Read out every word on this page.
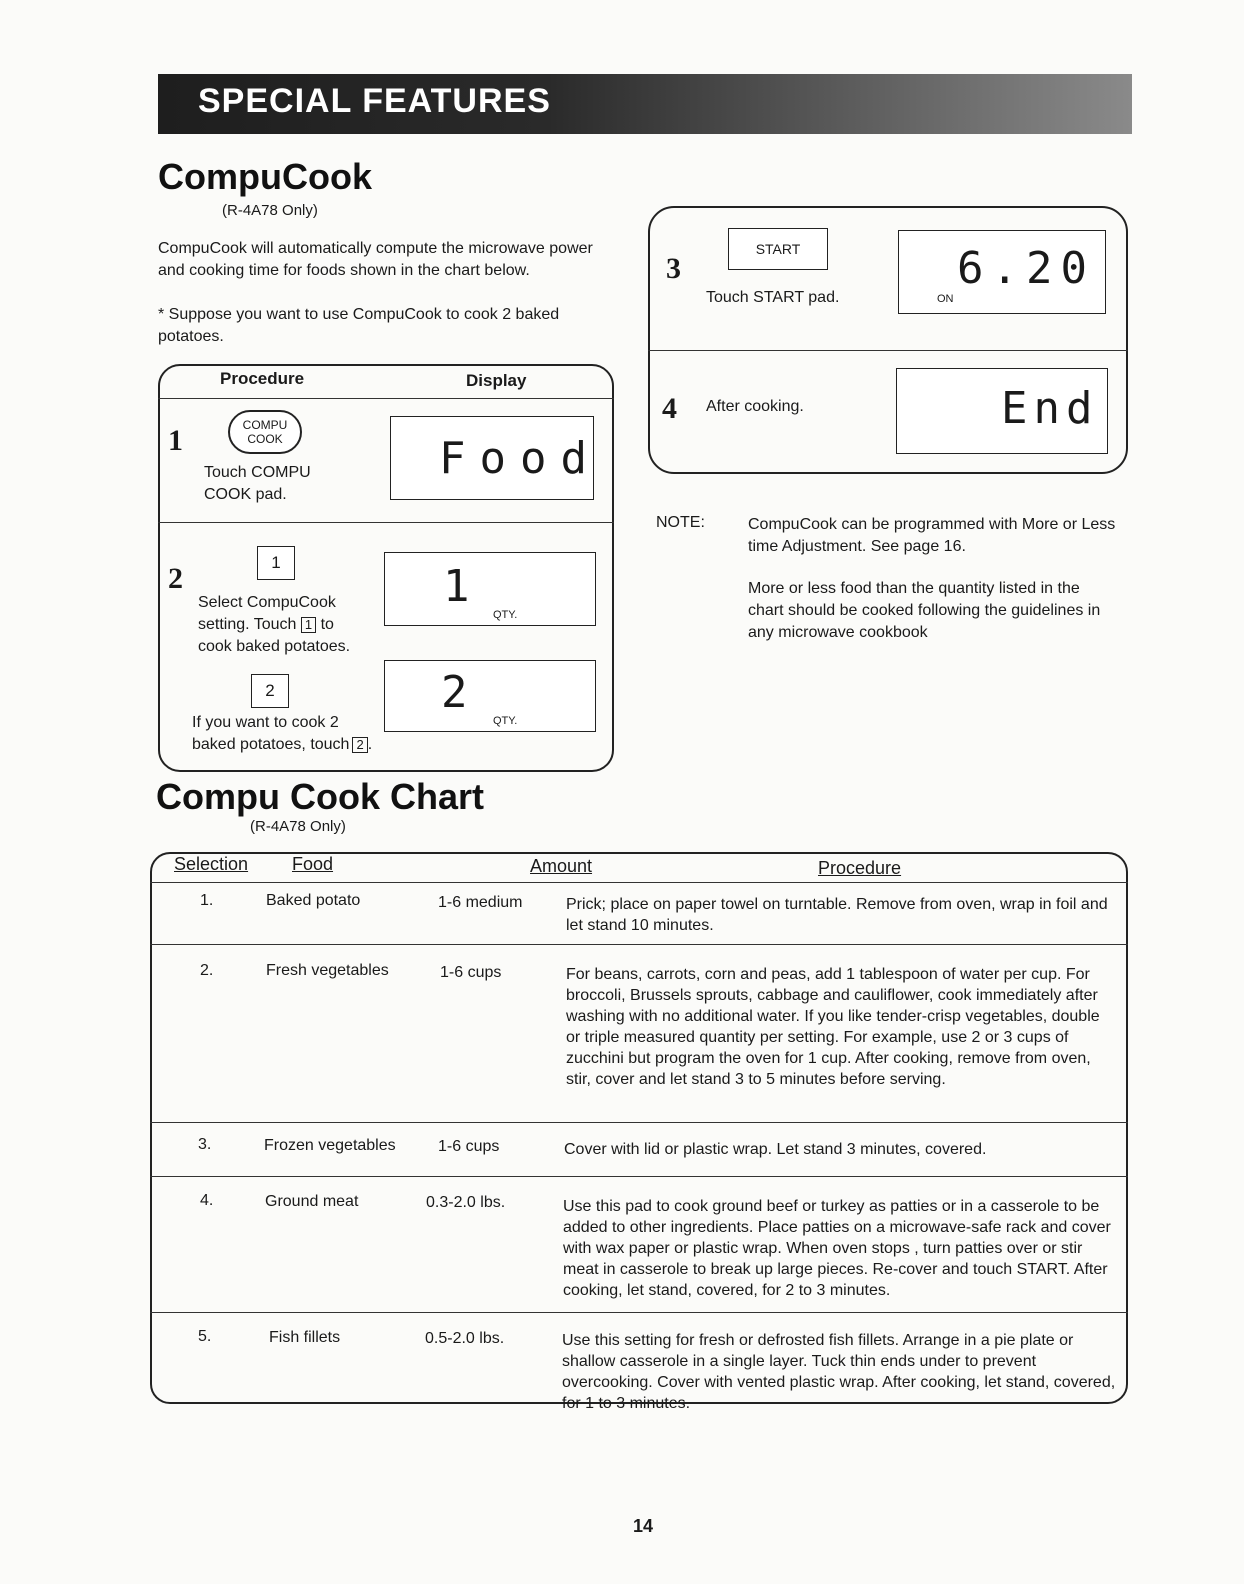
SPECIAL FEATURES
CompuCook
(R-4A78 Only)
CompuCook will automatically compute the microwave power and cooking time for foods shown in the chart below.
* Suppose you want to use CompuCook to cook 2 baked potatoes.
Procedure	Display
1	COMPU
COOK
Touch COMPU
COOK pad.
Food
2	1
Select CompuCook
setting. Touch 1 to
cook baked potatoes.
1
QTY.
2
If you want to cook 2
baked potatoes, touch 2 .
2
QTY.
3
START
Touch START pad.
6.20
ON
4 After cooking.	End
NOTE:	CompuCook can be programmed with More or Less time Adjustment. See page 16.
More or less food than the quantity listed in the chart should be cooked following the guidelines in any microwave cookbook
Compu Cook Chart
(R-4A78 Only)
Selection Food	Amount	Procedure
1.	Baked potato	1-6 medium	Prick; place on paper towel on turntable. Remove from oven, wrap in foil and let stand 10 minutes.
2.	Fresh vegetables	1-6 cups	For beans, carrots, corn and peas, add 1 tablespoon of water per cup. For broccoli, Brussels sprouts, cabbage and cauliflower, cook immediately after washing with no additional water. If you like tender-crisp vegetables, double or triple measured quantity per setting. For example, use 2 or 3 cups of zucchini but program the oven for 1 cup. After cooking, remove from oven, stir, cover and let stand 3 to 5 minutes before serving.
3.	Frozen vegetables	1-6 cups	Cover with lid or plastic wrap. Let stand 3 minutes, covered.
4.	Ground meat	0.3-2.0 lbs.	Use this pad to cook ground beef or turkey as patties or in a casserole to be added to other ingredients. Place patties on a microwave-safe rack and cover with wax paper or plastic wrap. When oven stops , turn patties over or stir meat in casserole to break up large pieces. Re-cover and touch START. After cooking, let stand, covered, for 2 to 3 minutes.
5.	Fish fillets	0.5-2.0 lbs.	Use this setting for fresh or defrosted fish fillets. Arrange in a pie plate or shallow casserole in a single layer. Tuck thin ends under to prevent overcooking. Cover with vented plastic wrap. After cooking, let stand, covered, for 1 to 3 minutes.
14
